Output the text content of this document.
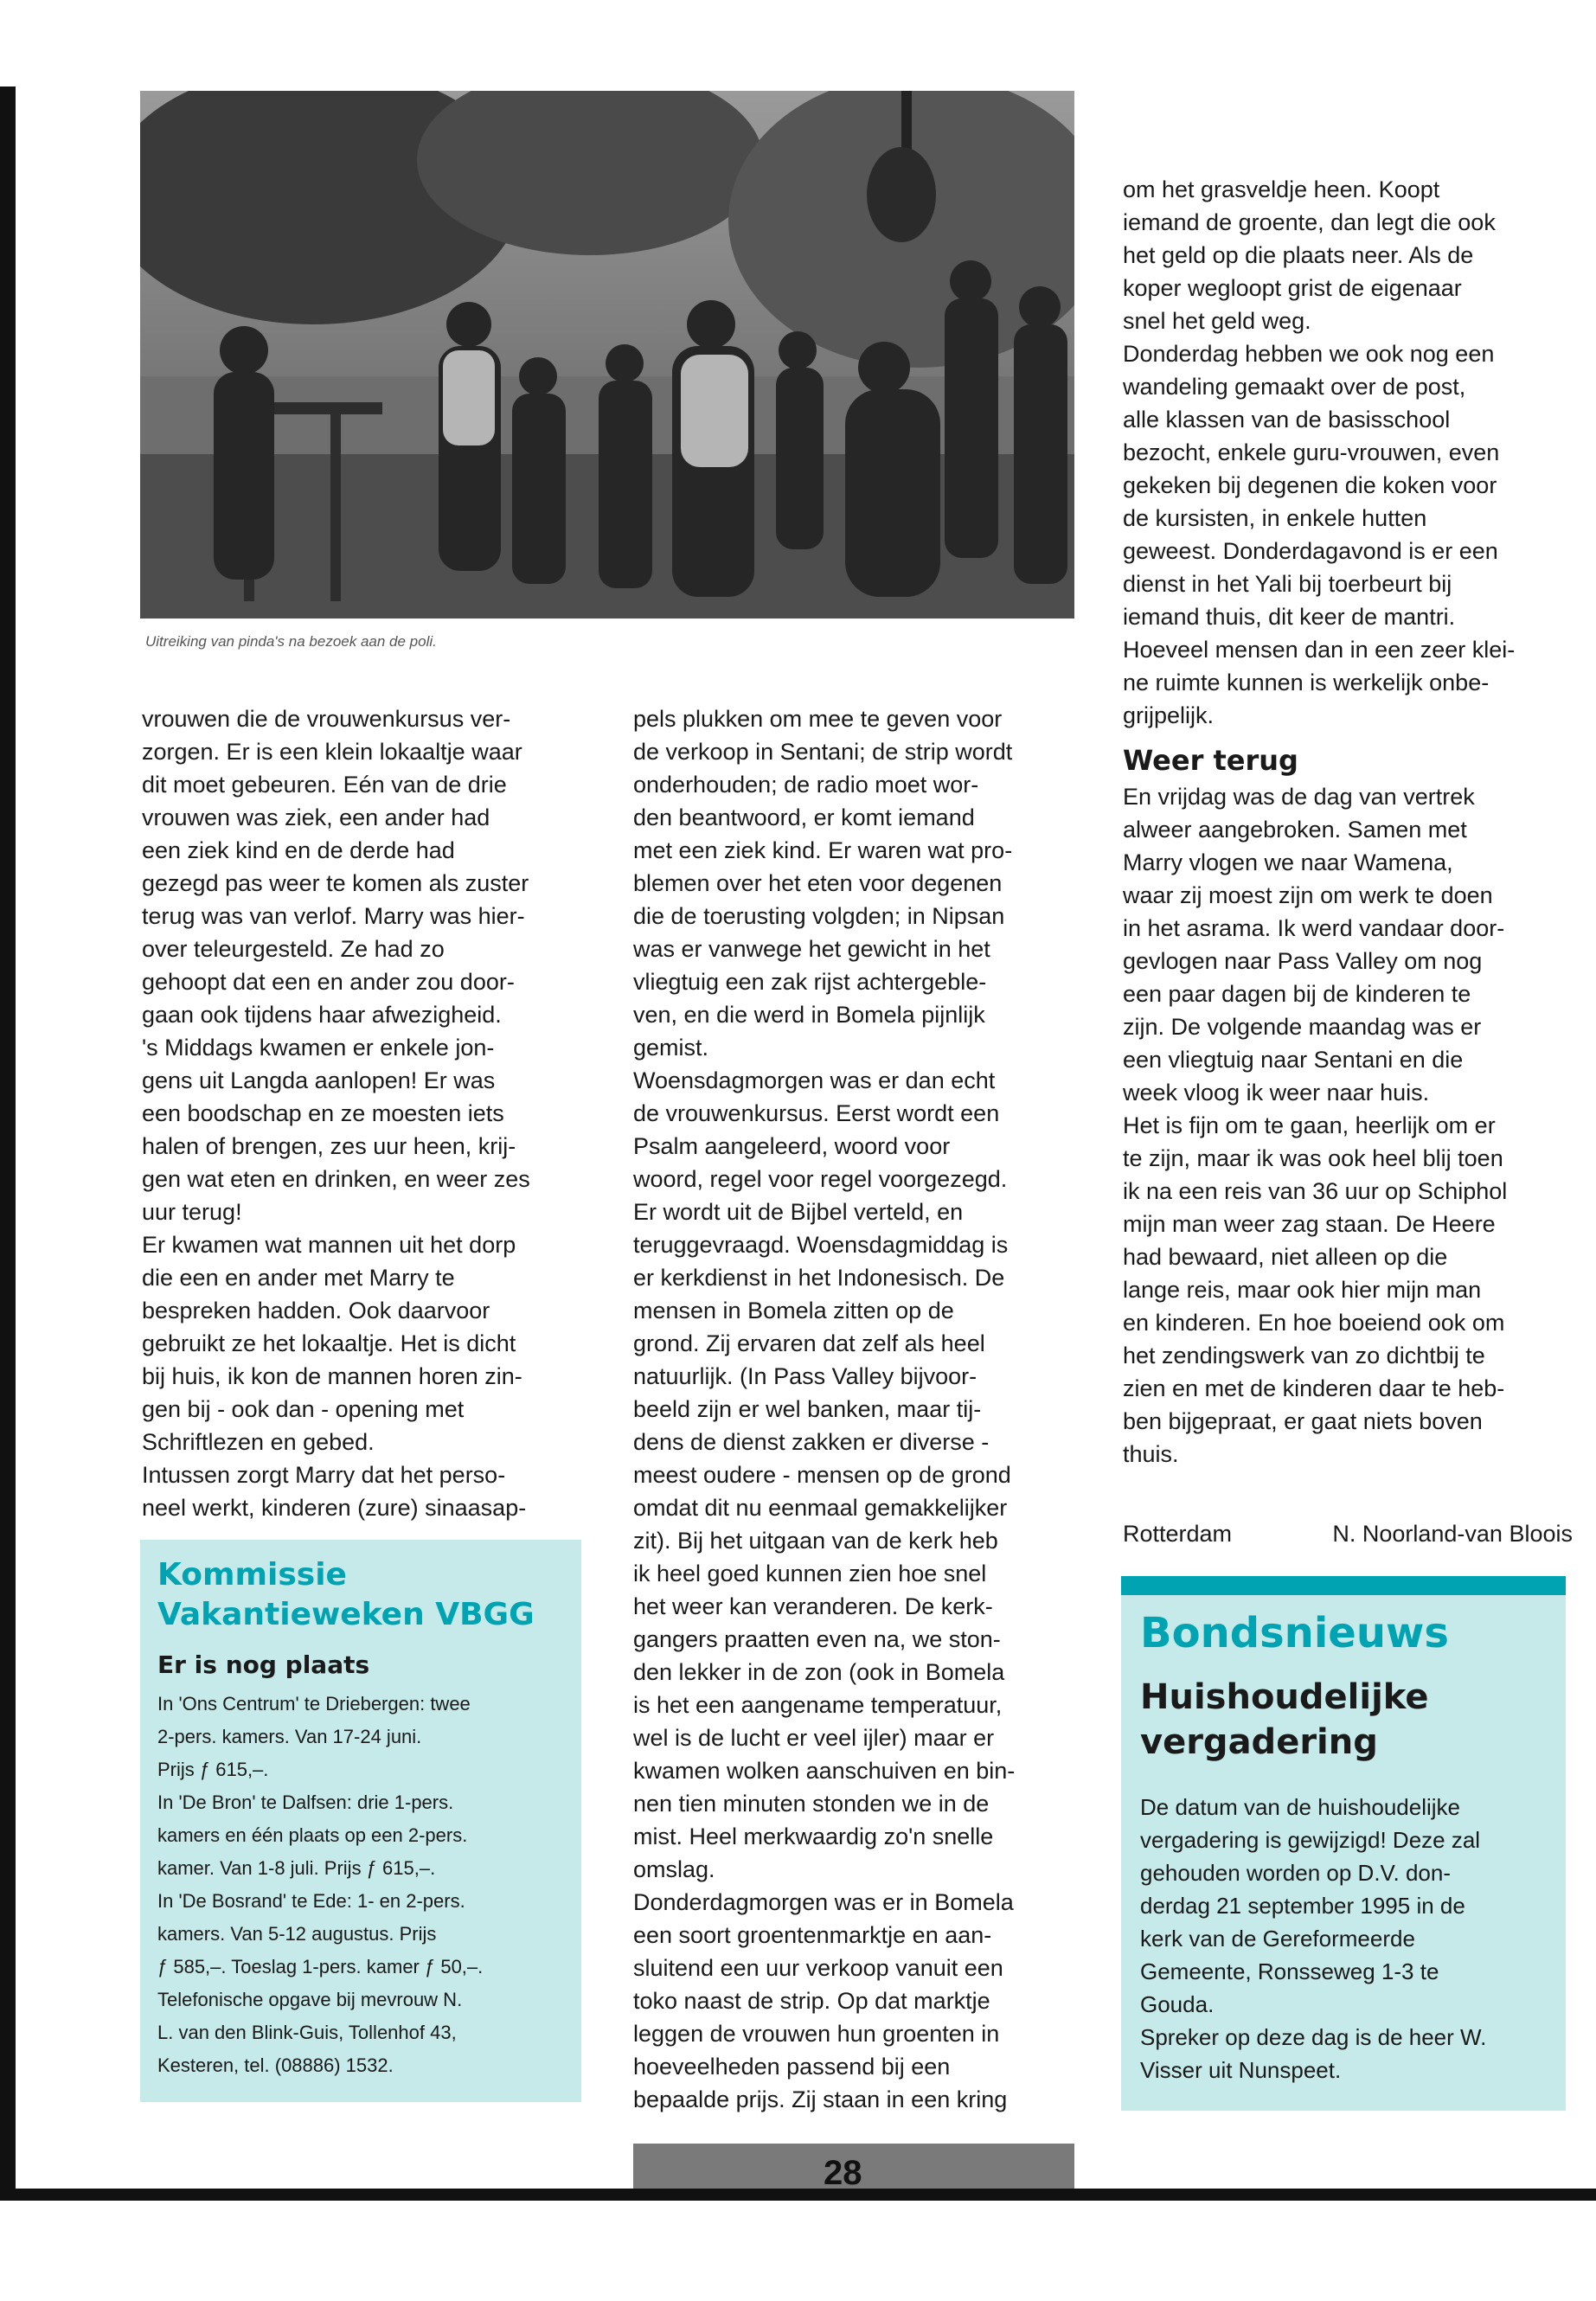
Uitreiking van pinda's na bezoek aan de poli.

vrouwen die de vrouwenkursus ver-
zorgen. Er is een klein lokaaltje waar
dit moet gebeuren. Eén van de drie
vrouwen was ziek, een ander had
een ziek kind en de derde had
gezegd pas weer te komen als zuster
terug was van verlof. Marry was hier-
over teleurgesteld. Ze had zo
gehoopt dat een en ander zou door-
gaan ook tijdens haar afwezigheid.
's Middags kwamen er enkele jon-
gens uit Langda aanlopen! Er was
een boodschap en ze moesten iets
halen of brengen, zes uur heen, krij-
gen wat eten en drinken, en weer zes
uur terug!
Er kwamen wat mannen uit het dorp
die een en ander met Marry te
bespreken hadden. Ook daarvoor
gebruikt ze het lokaaltje. Het is dicht
bij huis, ik kon de mannen horen zin-
gen bij - ook dan - opening met
Schriftlezen en gebed.
Intussen zorgt Marry dat het perso-
neel werkt, kinderen (zure) sinaasap-

pels plukken om mee te geven voor
de verkoop in Sentani; de strip wordt
onderhouden; de radio moet wor-
den beantwoord, er komt iemand
met een ziek kind. Er waren wat pro-
blemen over het eten voor degenen
die de toerusting volgden; in Nipsan
was er vanwege het gewicht in het
vliegtuig een zak rijst achtergeble-
ven, en die werd in Bomela pijnlijk
gemist.
Woensdagmorgen was er dan echt
de vrouwenkursus. Eerst wordt een
Psalm aangeleerd, woord voor
woord, regel voor regel voorgezegd.
Er wordt uit de Bijbel verteld, en
teruggevraagd. Woensdagmiddag is
er kerkdienst in het Indonesisch. De
mensen in Bomela zitten op de
grond. Zij ervaren dat zelf als heel
natuurlijk. (In Pass Valley bijvoor-
beeld zijn er wel banken, maar tij-
dens de dienst zakken er diverse -
meest oudere - mensen op de grond
omdat dit nu eenmaal gemakkelijker
zit). Bij het uitgaan van de kerk heb
ik heel goed kunnen zien hoe snel
het weer kan veranderen. De kerk-
gangers praatten even na, we ston-
den lekker in de zon (ook in Bomela
is het een aangename temperatuur,
wel is de lucht er veel ijler) maar er
kwamen wolken aanschuiven en bin-
nen tien minuten stonden we in de
mist. Heel merkwaardig zo'n snelle
omslag.
Donderdagmorgen was er in Bomela
een soort groentenmarktje en aan-
sluitend een uur verkoop vanuit een
toko naast de strip. Op dat marktje
leggen de vrouwen hun groenten in
hoeveelheden passend bij een
bepaalde prijs. Zij staan in een kring

om het grasveldje heen. Koopt
iemand de groente, dan legt die ook
het geld op die plaats neer. Als de
koper wegloopt grist de eigenaar
snel het geld weg.
Donderdag hebben we ook nog een
wandeling gemaakt over de post,
alle klassen van de basisschool
bezocht, enkele guru-vrouwen, even
gekeken bij degenen die koken voor
de kursisten, in enkele hutten
geweest. Donderdagavond is er een
dienst in het Yali bij toerbeurt bij
iemand thuis, dit keer de mantri.
Hoeveel mensen dan in een zeer klei-
ne ruimte kunnen is werkelijk onbe-
grijpelijk.

Weer terug

En vrijdag was de dag van vertrek
alweer aangebroken. Samen met
Marry vlogen we naar Wamena,
waar zij moest zijn om werk te doen
in het asrama. Ik werd vandaar door-
gevlogen naar Pass Valley om nog
een paar dagen bij de kinderen te
zijn. De volgende maandag was er
een vliegtuig naar Sentani en die
week vloog ik weer naar huis.
Het is fijn om te gaan, heerlijk om er
te zijn, maar ik was ook heel blij toen
ik na een reis van 36 uur op Schiphol
mijn man weer zag staan. De Heere
had bewaard, niet alleen op die
lange reis, maar ook hier mijn man
en kinderen. En hoe boeiend ook om
het zendingswerk van zo dichtbij te
zien en met de kinderen daar te heb-
ben bijgepraat, er gaat niets boven
thuis.

Rotterdam	N. Noorland-van Bloois
Kommissie
Vakantieweken VBGG
Er is nog plaats
In 'Ons Centrum' te Driebergen: twee
2-pers. kamers. Van 17-24 juni.
Prijs ƒ 615,–.
In 'De Bron' te Dalfsen: drie 1-pers.
kamers en één plaats op een 2-pers.
kamer. Van 1-8 juli. Prijs ƒ 615,–.
In 'De Bosrand' te Ede: 1- en 2-pers.
kamers. Van 5-12 augustus. Prijs
ƒ 585,–. Toeslag 1-pers. kamer ƒ 50,–.
Telefonische opgave bij mevrouw N.
L. van den Blink-Guis, Tollenhof 43,
Kesteren, tel. (08886) 1532.
Bondsnieuws
Huishoudelijke
vergadering
De datum van de huishoudelijke
vergadering is gewijzigd! Deze zal
gehouden worden op D.V. don-
derdag 21 september 1995 in de
kerk van de Gereformeerde
Gemeente, Ronsseweg 1-3 te
Gouda.
Spreker op deze dag is de heer W.
Visser uit Nunspeet.
28
